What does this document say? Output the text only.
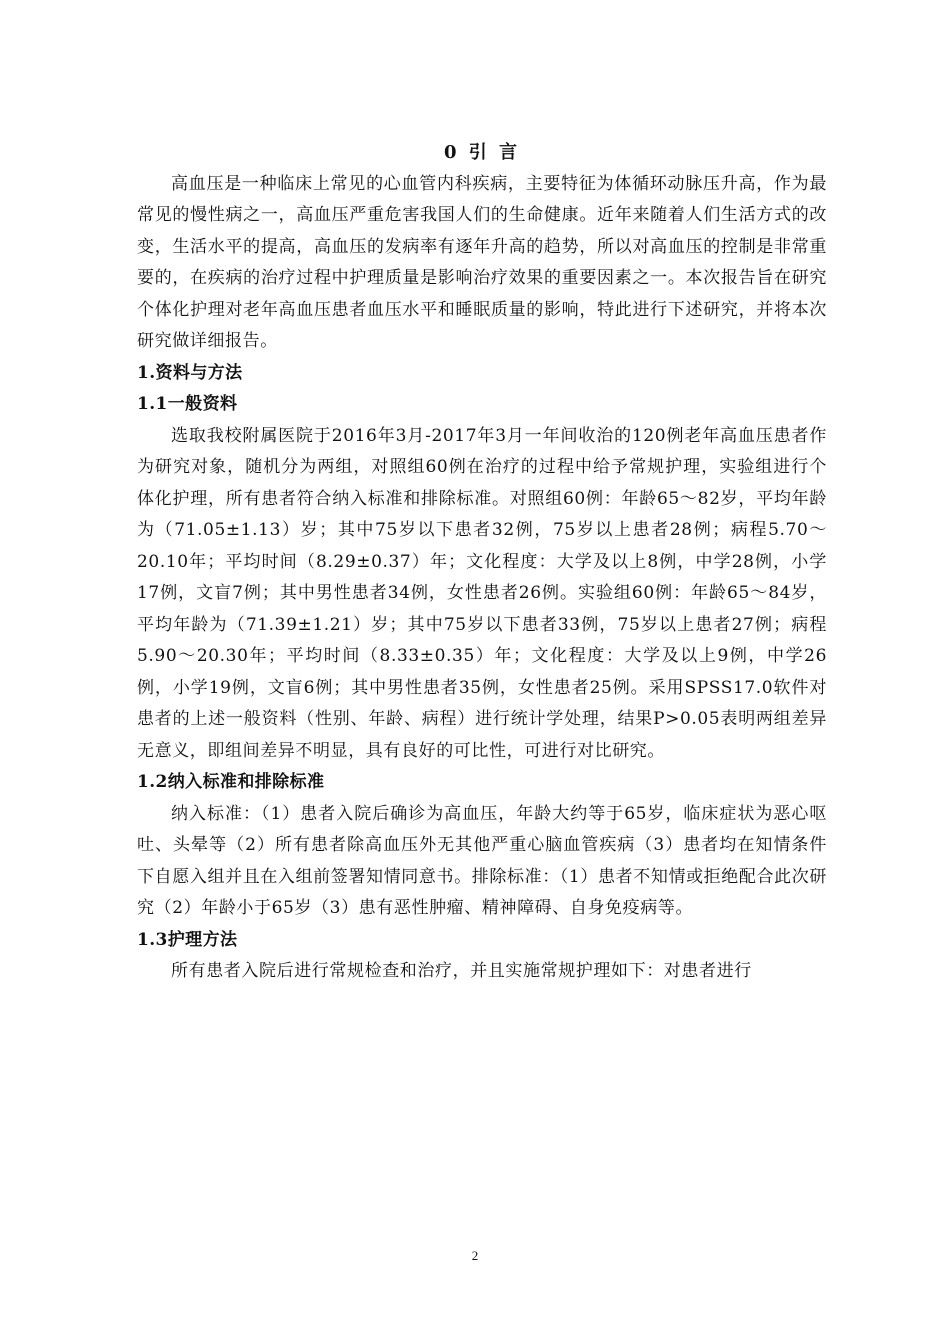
0 引 言

高血压是一种临床上常见的心血管内科疾病，主要特征为体循环动脉压升高，作为最常见的慢性病之一，高血压严重危害我国人们的生命健康。近年来随着人们生活方式的改变，生活水平的提高，高血压的发病率有逐年升高的趋势，所以对高血压的控制是非常重要的，在疾病的治疗过程中护理质量是影响治疗效果的重要因素之一。本次报告旨在研究个体化护理对老年高血压患者血压水平和睡眠质量的影响，特此进行下述研究，并将本次研究做详细报告。

1.资料与方法

1.1一般资料

选取我校附属医院于2016年3月-2017年3月一年间收治的120例老年高血压患者作为研究对象，随机分为两组，对照组60例在治疗的过程中给予常规护理，实验组进行个体化护理，所有患者符合纳入标准和排除标准。对照组60例：年龄65～82岁，平均年龄为（71.05±1.13）岁；其中75岁以下患者32例，75岁以上患者28例；病程5.70～20.10年；平均时间（8.29±0.37）年；文化程度：大学及以上8例，中学28例，小学17例，文盲7例；其中男性患者34例，女性患者26例。实验组60例：年龄65～84岁，平均年龄为（71.39±1.21）岁；其中75岁以下患者33例，75岁以上患者27例；病程5.90～20.30年；平均时间（8.33±0.35）年；文化程度：大学及以上9例，中学26例，小学19例，文盲6例；其中男性患者35例，女性患者25例。采用SPSS17.0软件对患者的上述一般资料（性别、年龄、病程）进行统计学处理，结果P>0.05表明两组差异无意义，即组间差异不明显，具有良好的可比性，可进行对比研究。

1.2纳入标准和排除标准

纳入标准：（1）患者入院后确诊为高血压，年龄大约等于65岁，临床症状为恶心呕吐、头晕等（2）所有患者除高血压外无其他严重心脑血管疾病（3）患者均在知情条件下自愿入组并且在入组前签署知情同意书。排除标准：（1）患者不知情或拒绝配合此次研究（2）年龄小于65岁（3）患有恶性肿瘤、精神障碍、自身免疫病等。

1.3护理方法

所有患者入院后进行常规检查和治疗，并且实施常规护理如下：对患者进行

2
